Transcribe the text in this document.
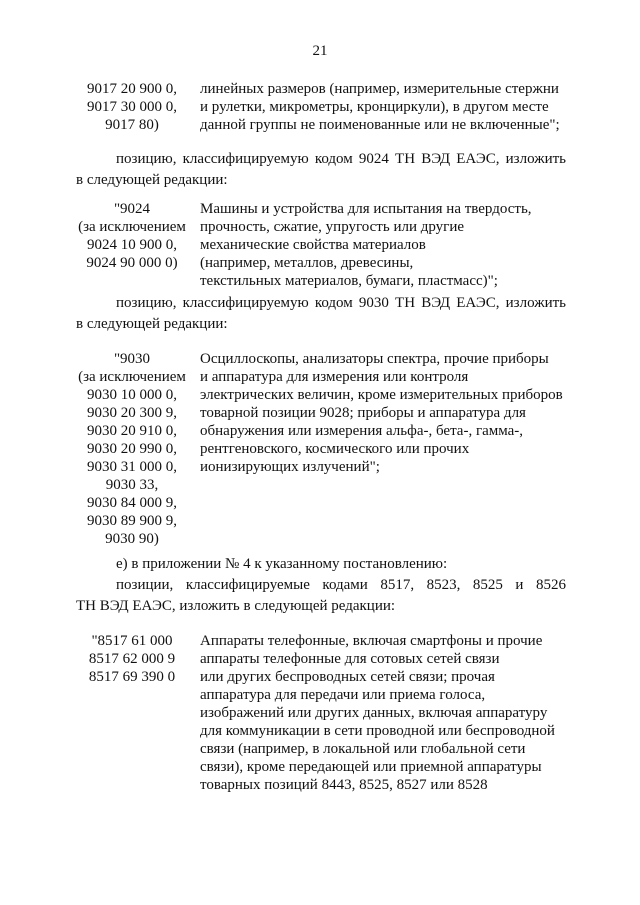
21
9017 20 900 0,
9017 30 000 0,
9017 80)
линейных размеров (например, измерительные стержни
и рулетки, микрометры, кронциркули), в другом месте
данной группы не поименованные или не включенные";
позицию, классифицируемую кодом 9024 ТН ВЭД ЕАЭС, изложить
в следующей редакции:
"9024
(за исключением
9024 10 900 0,
9024 90 000 0)
Машины и устройства для испытания на твердость,
прочность, сжатие, упругость или другие
механические свойства материалов
(например, металлов, древесины,
текстильных материалов, бумаги, пластмасс)";
позицию, классифицируемую кодом 9030 ТН ВЭД ЕАЭС, изложить
в следующей редакции:
"9030
(за исключением
9030 10 000 0,
9030 20 300 9,
9030 20 910 0,
9030 20 990 0,
9030 31 000 0,
9030 33,
9030 84 000 9,
9030 89 900 9,
9030 90)
Осциллоскопы, анализаторы спектра, прочие приборы
и аппаратура для измерения или контроля
электрических величин, кроме измерительных приборов
товарной позиции 9028; приборы и аппаратура для
обнаружения или измерения альфа-, бета-, гамма-,
рентгеновского, космического или прочих
ионизирующих излучений";
е) в приложении № 4 к указанному постановлению:
позиции, классифицируемые кодами 8517, 8523, 8525 и 8526
ТН ВЭД ЕАЭС, изложить в следующей редакции:
"8517 61 000
8517 62 000 9
8517 69 390 0
Аппараты телефонные, включая смартфоны и прочие
аппараты телефонные для сотовых сетей связи
или других беспроводных сетей связи; прочая
аппаратура для передачи или приема голоса,
изображений или других данных, включая аппаратуру
для коммуникации в сети проводной или беспроводной
связи (например, в локальной или глобальной сети
связи), кроме передающей или приемной аппаратуры
товарных позиций 8443, 8525, 8527 или 8528
